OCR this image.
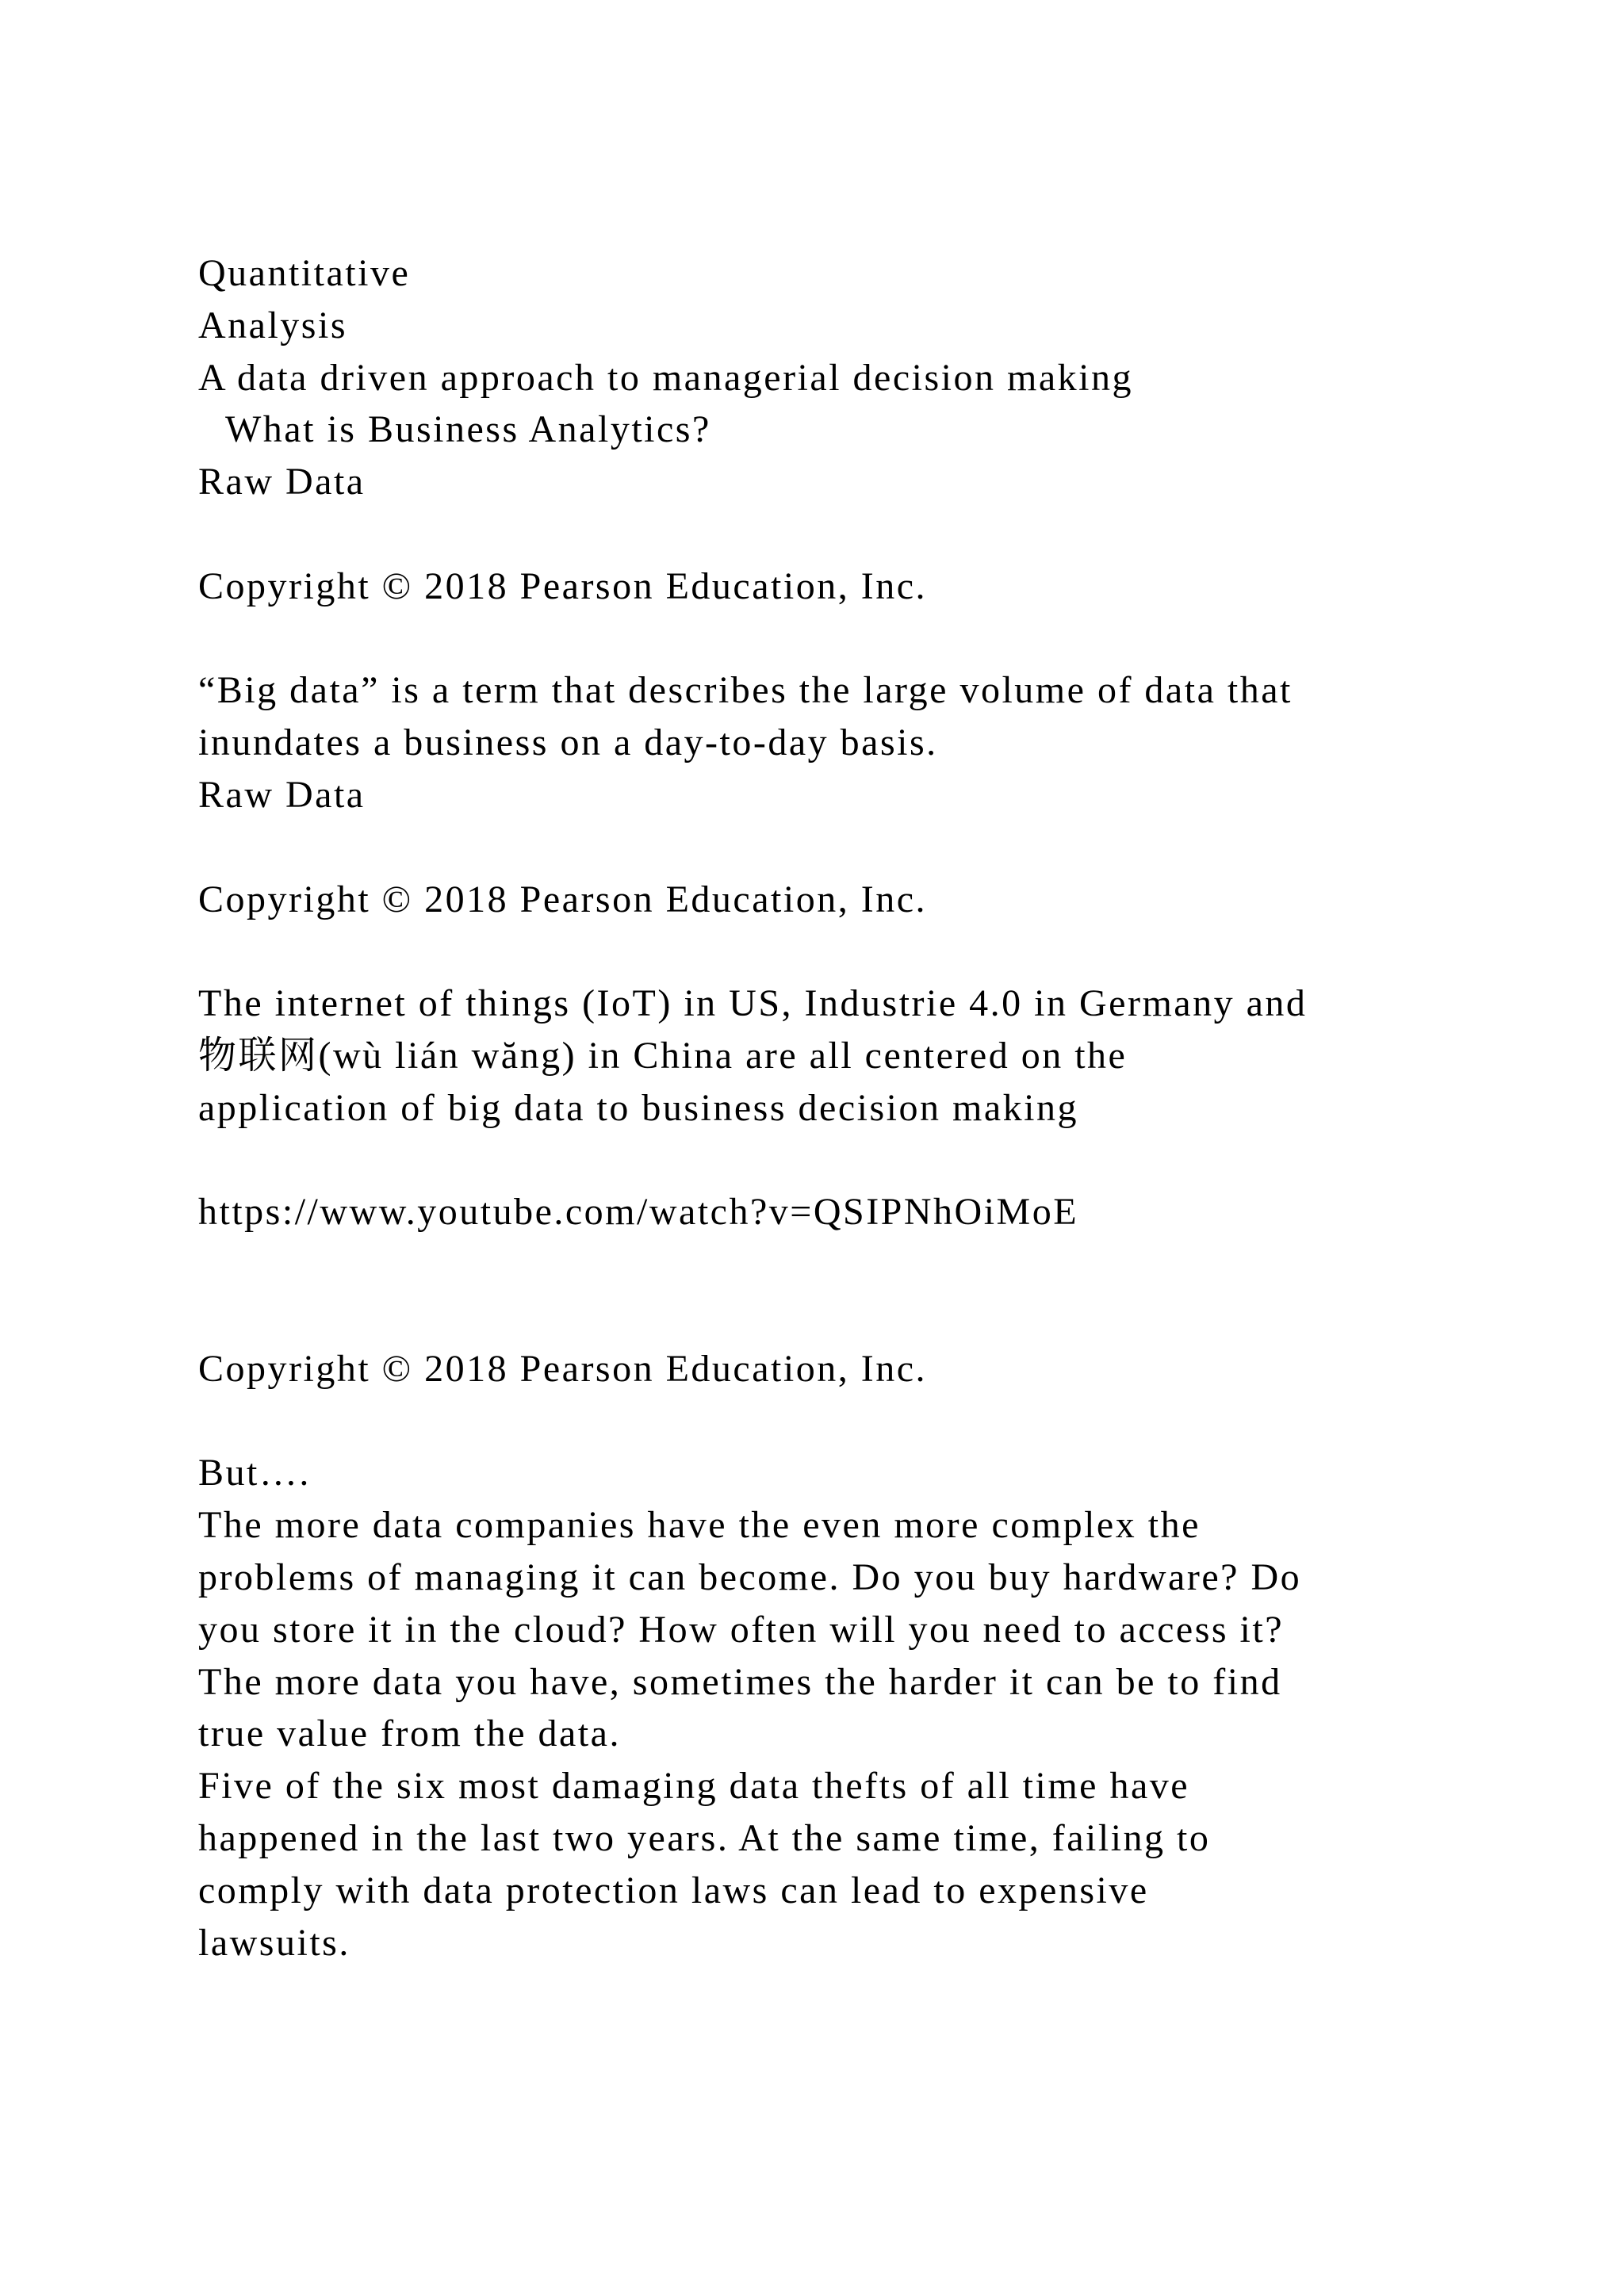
Quantitative
Analysis
A data driven approach to managerial decision making
What is Business Analytics?
Raw Data
Copyright © 2018 Pearson Education, Inc.
“Big data” is a term that describes the large volume of data that
inundates a business on a day-to-day basis.
Raw Data
Copyright © 2018 Pearson Education, Inc.
The internet of things (IoT) in US, Industrie 4.0 in Germany and
物联网(wù lián wăng) in China are all centered on the
application of big data to business decision making
https://www.youtube.com/watch?v=QSIPNhOiMoE
Copyright © 2018 Pearson Education, Inc.
But….
The more data companies have the even more complex the
problems of managing it can become. Do you buy hardware? Do
you store it in the cloud? How often will you need to access it?
The more data you have, sometimes the harder it can be to find
true value from the data.
Five of the six most damaging data thefts of all time have
happened in the last two years. At the same time, failing to
comply with data protection laws can lead to expensive
lawsuits.
